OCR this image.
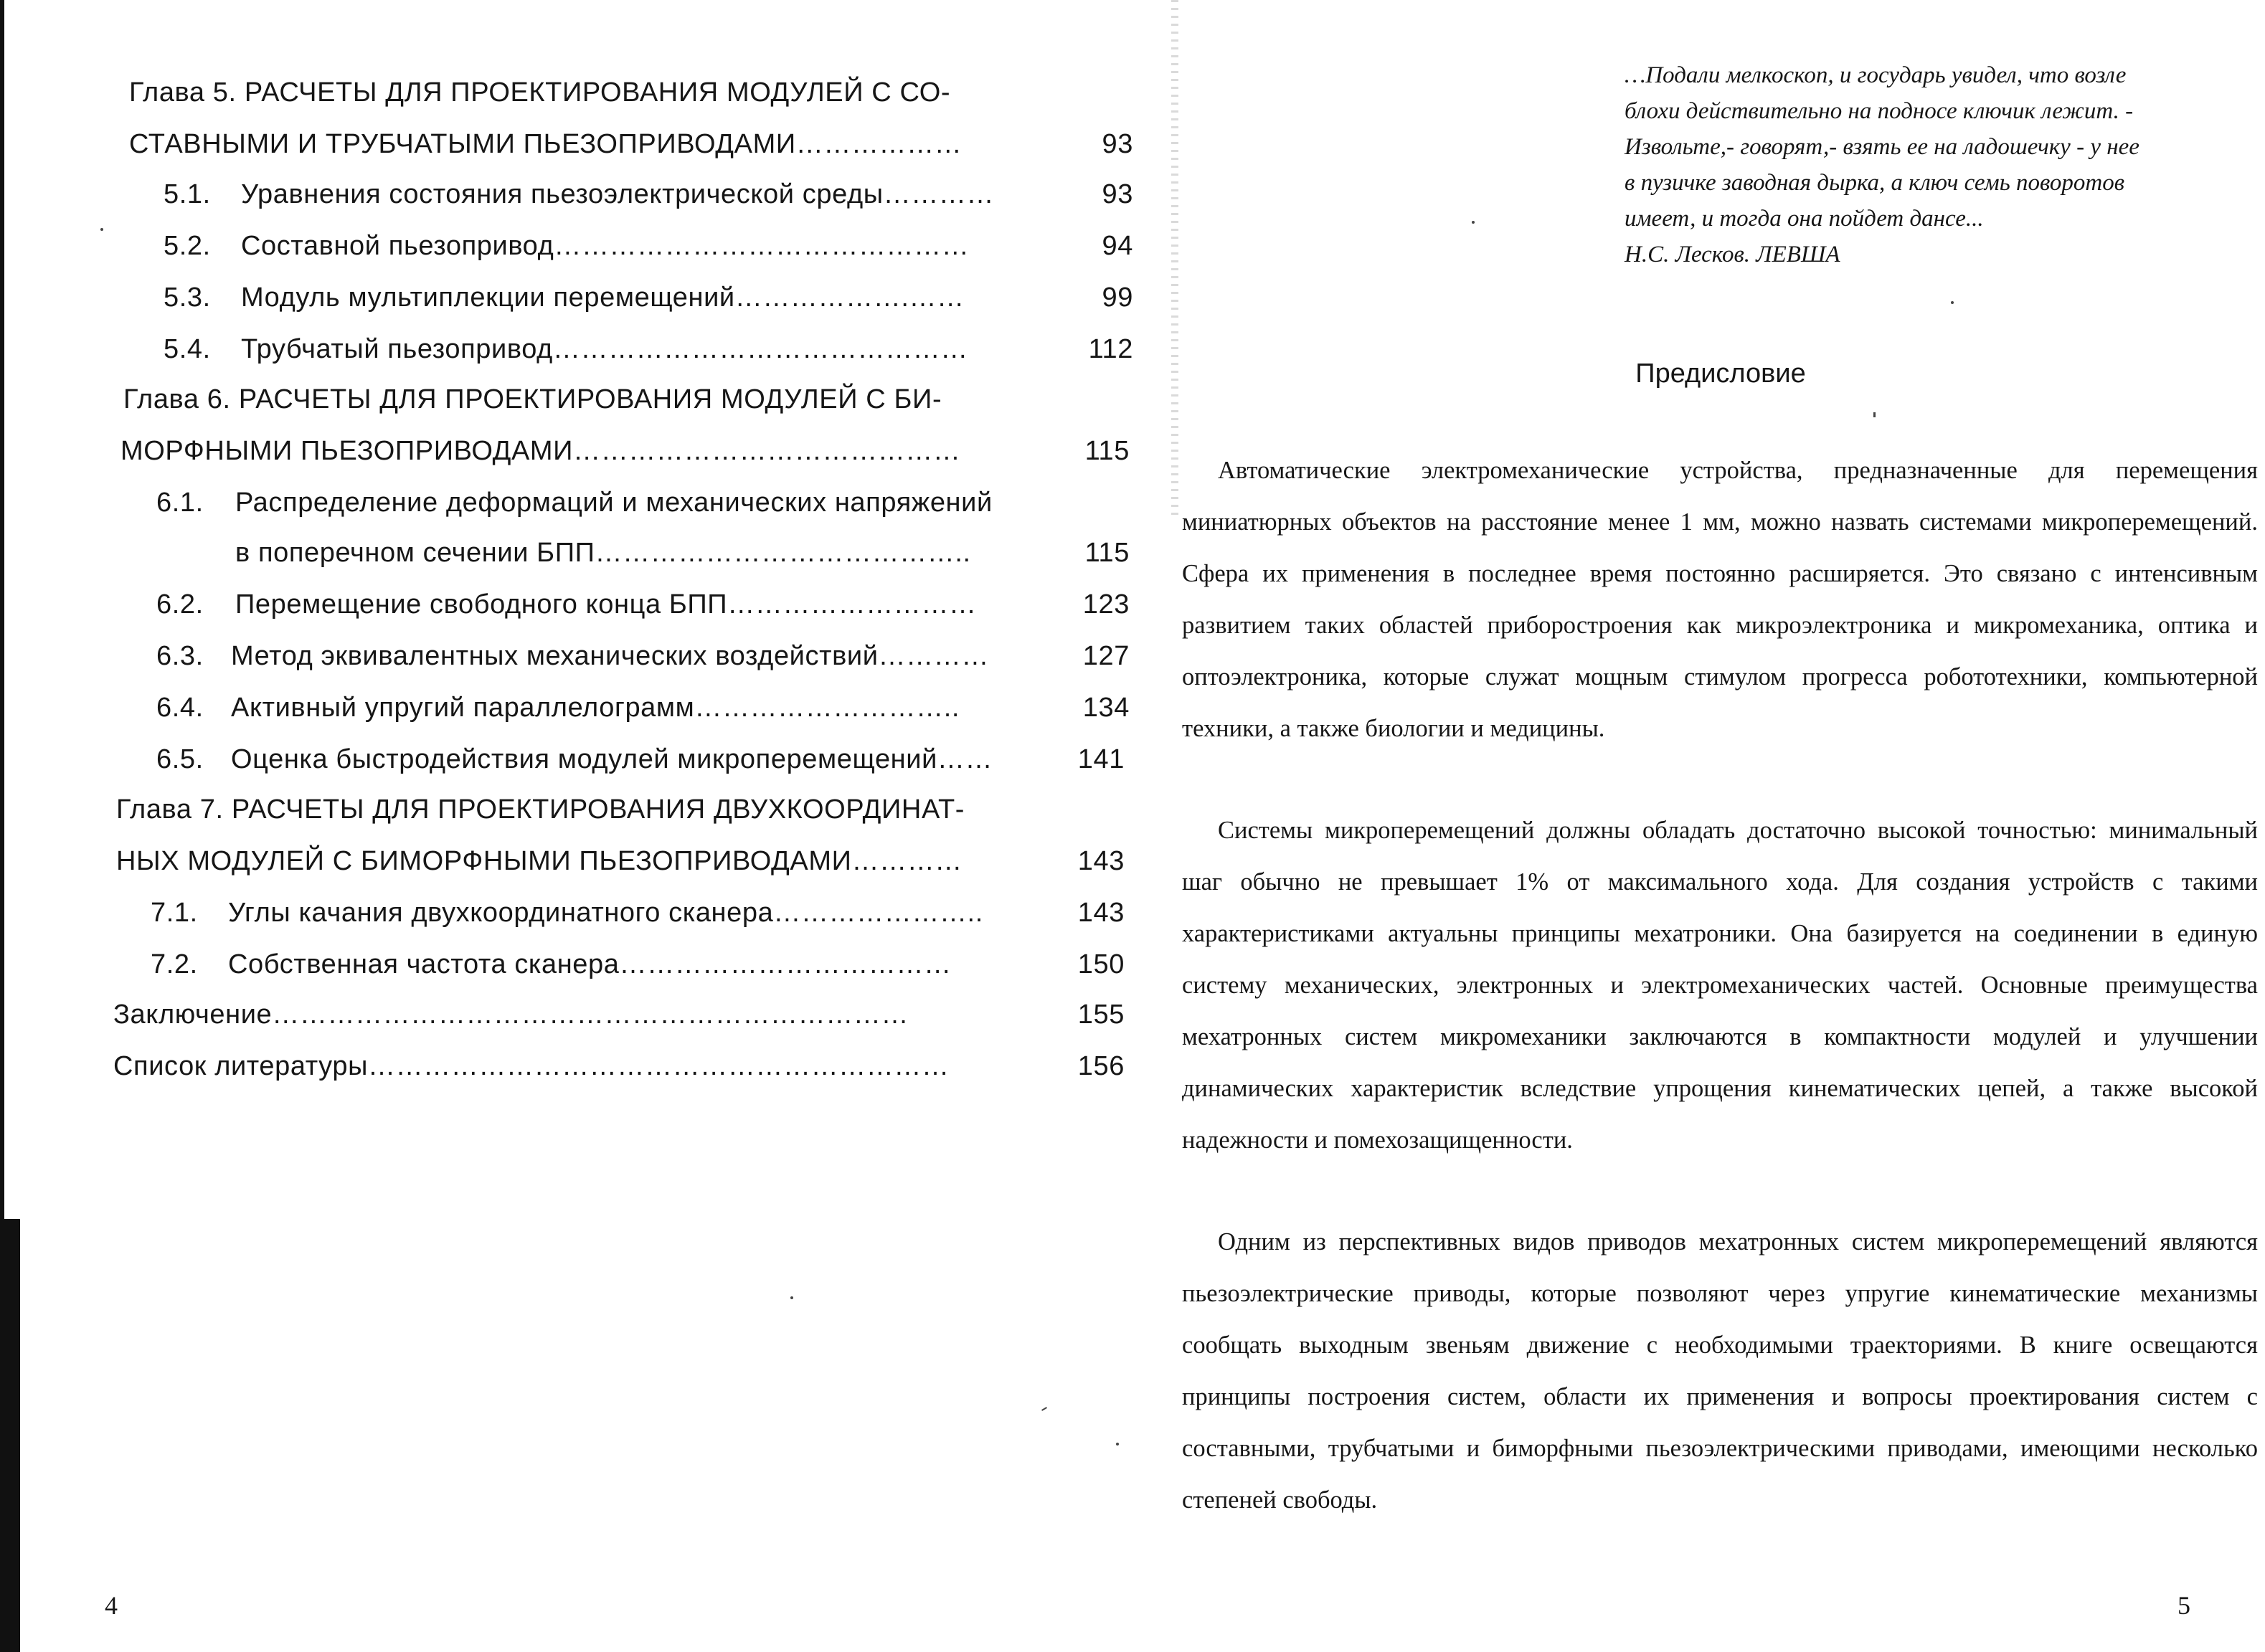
Глава 5. РАСЧЕТЫ ДЛЯ ПРОЕКТИРОВАНИЯ МОДУЛЕЙ С СО-
СТАВНЫМИ И ТРУБЧАТЫМИ ПЬЕЗОПРИВОДАМИ………………	93
5.1. Уравнения состояния пьезоэлектрической среды…………	93
5.2. Составной пьезопривод………………………………………	94
5.3. Модуль мультиплекции перемещений……………….……	99
5.4. Трубчатый пьезопривод………………………………………	112
Глава 6. РАСЧЕТЫ ДЛЯ ПРОЕКТИРОВАНИЯ МОДУЛЕЙ С БИ-
МОРФНЫМИ ПЬЕЗОПРИВОДАМИ……………………………………	115
6.1. Распределение деформаций и механических напряжений
в поперечном сечении БПП…………………………………..	115
6.2. Перемещение свободного конца БПП………………………	123
6.3. Метод эквивалентных механических воздействий…………	127
6.4. Активный упругий параллелограмм………………………..	134
6.5. Оценка быстродействия модулей микроперемещений……	141
Глава 7. РАСЧЕТЫ ДЛЯ ПРОЕКТИРОВАНИЯ ДВУХКООРДИНАТ-
НЫХ МОДУЛЕЙ С БИМОРФНЫМИ ПЬЕЗОПРИВОДАМИ…………	143
7.1. Углы качания двухкоординатного сканера…………………..	143
7.2. Собственная частота сканера………………………………	150
Заключение……………………………………………………………	155
Список литературы………………………………………………………	156
4

…Подали мелкоскоп, и государь увидел, что возле

блохи действительно на подносе ключик лежит. -

Извольте,- говорят,- взять ее на ладошечку - у нее

в пузичке заводная дырка, а ключ семь поворотов

имеет, и тогда она пойдет дансе...

Н.С. Лесков. ЛЕВША

Предисловие

Автоматические электромеханические устройства, предназначенные для перемещения миниатюрных объектов на расстояние менее 1 мм, можно назвать системами микроперемещений. Сфера их применения в последнее время постоянно расширяется. Это связано с интенсивным развитием таких областей приборостроения как микроэлектроника и микромеханика, оптика и оптоэлектроника, которые служат мощным стимулом прогресса робототехники, компьютерной техники, а также биологии и медицины.

Системы микроперемещений должны обладать достаточно высокой точностью: минимальный шаг обычно не превышает 1% от максимального хода. Для создания устройств с такими характеристиками актуальны принципы мехатроники. Она базируется на соединении в единую систему механических, электронных и электромеханических частей. Основные преимущества мехатронных систем микромеханики заключаются в компактности модулей и улучшении динамических характеристик вследствие упрощения кинематических цепей, а также высокой надежности и помехозащищенности.

Одним из перспективных видов приводов мехатронных систем микроперемещений являются пьезоэлектрические приводы, которые позволяют через упругие кинематические механизмы сообщать выходным звеньям движение с необходимыми траекториями. В книге освещаются принципы построения систем, области их применения и вопросы проектирования систем с составными, трубчатыми и биморфными пьезоэлектрическими приводами, имеющими несколько степеней свободы.

5
